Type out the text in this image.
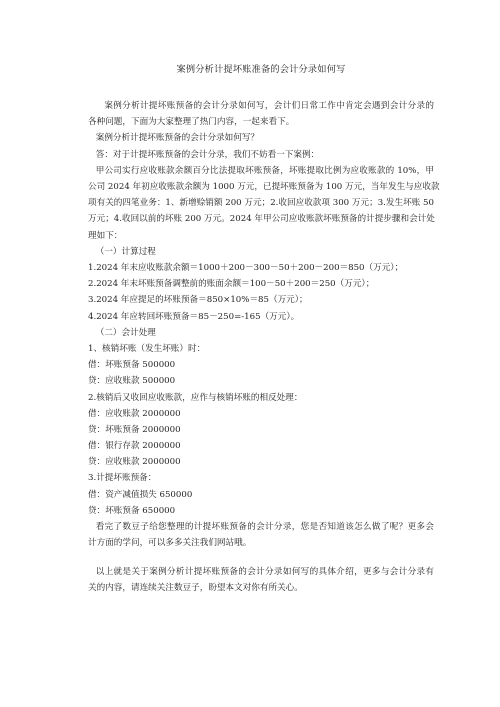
案例分析计提坏账准备的会计分录如何写
案例分析计提坏账预备的会计分录如何写，会计们日常工作中肯定会遇到会计分录的
各种问题，下面为大家整理了热门内容，一起来看下。
案例分析计提坏账预备的会计分录如何写？
答：对于计提坏账预备的会计分录，我们不妨看一下案例：
甲公司实行应收账款余额百分比法提取坏账预备，坏账提取比例为应收账款的 10%，甲
公司 2024 年初应收账款余额为 1000 万元，已提坏账预备为 100 万元，当年发生与应收款
项有关的四笔业务：1、新增赊销额 200 万元；2.收回应收款项 300 万元；3.发生坏账 50
万元；4.收回以前的坏账 200 万元。2024 年甲公司应收账款坏账预备的计提步骤和会计处
理如下：
（一）计算过程
1.2024 年末应收账款余额＝1000＋200－300－50＋200－200＝850（万元）；
2.2024 年末坏账预备调整前的账面余额＝100－50＋200＝250（万元）；
3.2024 年应提足的坏账预备＝850×10%＝85（万元）；
4.2024 年应转回坏账预备＝85－250=-165（万元）。
（二）会计处理
1、核销坏账（发生坏账）时：
借：坏账预备 500000
贷：应收账款 500000
2.核销后又收回应收账款，应作与核销坏账的相反处理：
借：应收账款 2000000
贷：坏账预备 2000000
借：银行存款 2000000
贷：应收账款 2000000
3.计提坏账预备：
借：资产减值损失 650000
贷：坏账预备 650000
看完了数豆子给您整理的计提坏账预备的会计分录，您是否知道该怎么做了呢？更多会
计方面的学问，可以多多关注我们网站哦。
以上就是关于案例分析计提坏账预备的会计分录如何写的具体介绍，更多与会计分录有
关的内容，请连续关注数豆子，盼望本文对你有所关心。
